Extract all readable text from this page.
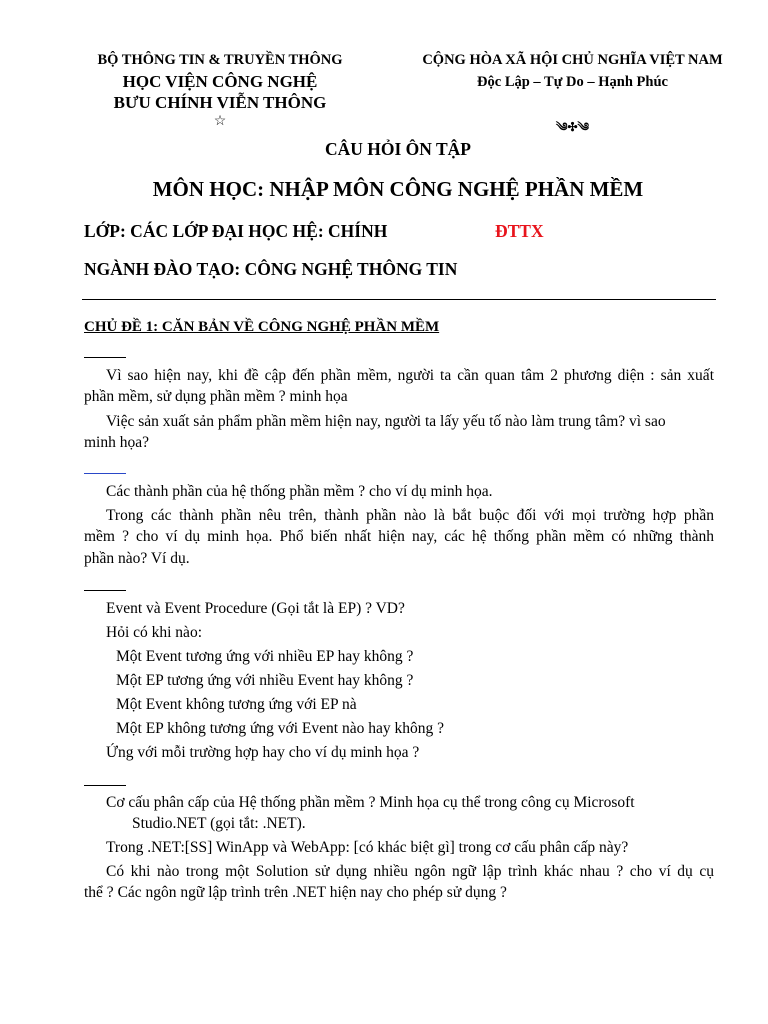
BỘ THÔNG TIN & TRUYỀN THÔNG
HỌC VIỆN CÔNG NGHỆ
BƯU CHÍNH VIỄN THÔNG
☆
CỘNG HÒA XÃ HỘI CHỦ NGHĨA VIỆT NAM
Độc Lập – Tự Do – Hạnh Phúc
༄✣༄
CÂU HỎI ÔN TẬP
MÔN HỌC: NHẬP MÔN CÔNG NGHỆ PHẦN MỀM
LỚP: CÁC LỚP ĐẠI HỌC HỆ: CHÍNH	ĐTTX
NGÀNH ĐÀO TẠO: CÔNG NGHỆ THÔNG TIN
CHỦ ĐỀ 1: CĂN BẢN VỀ CÔNG NGHỆ PHẦN MỀM
Vì sao hiện nay, khi đề cập đến phần mềm, người ta cần quan tâm 2 phương diện : sản xuất
phần mềm, sử dụng phần mềm ? minh họa
Việc sản xuất sản phẩm phần mềm hiện nay, người ta lấy yếu tố nào làm trung tâm? vì sao
minh họa?
Các thành phần của hệ thống phần mềm ? cho ví dụ minh họa.
Trong các thành phần nêu trên, thành phần nào là bắt buộc đối với mọi trường hợp phần
mềm ? cho ví dụ minh họa. Phổ biến nhất hiện nay, các hệ thống phần mềm có những thành
phần nào? Ví dụ.
Event và Event Procedure (Gọi tắt là EP) ? VD?
Hỏi có khi nào:
Một Event tương ứng với nhiều EP hay không ?
Một EP tương ứng với nhiều Event hay không ?
Một Event không tương ứng với EP nà
Một EP không tương ứng với Event nào hay không ?
Ứng với mỗi trường hợp hay cho ví dụ minh họa ?
Cơ cấu phân cấp của Hệ thống phần mềm ? Minh họa cụ thể trong công cụ Microsoft
Studio.NET (gọi tắt: .NET).
Trong .NET:[SS] WinApp và WebApp: [có khác biệt gì] trong cơ cấu phân cấp này?
Có khi nào trong một Solution sử dụng nhiều ngôn ngữ lập trình khác nhau ? cho ví dụ cụ
thể ? Các ngôn ngữ lập trình trên .NET hiện nay cho phép sử dụng ?
